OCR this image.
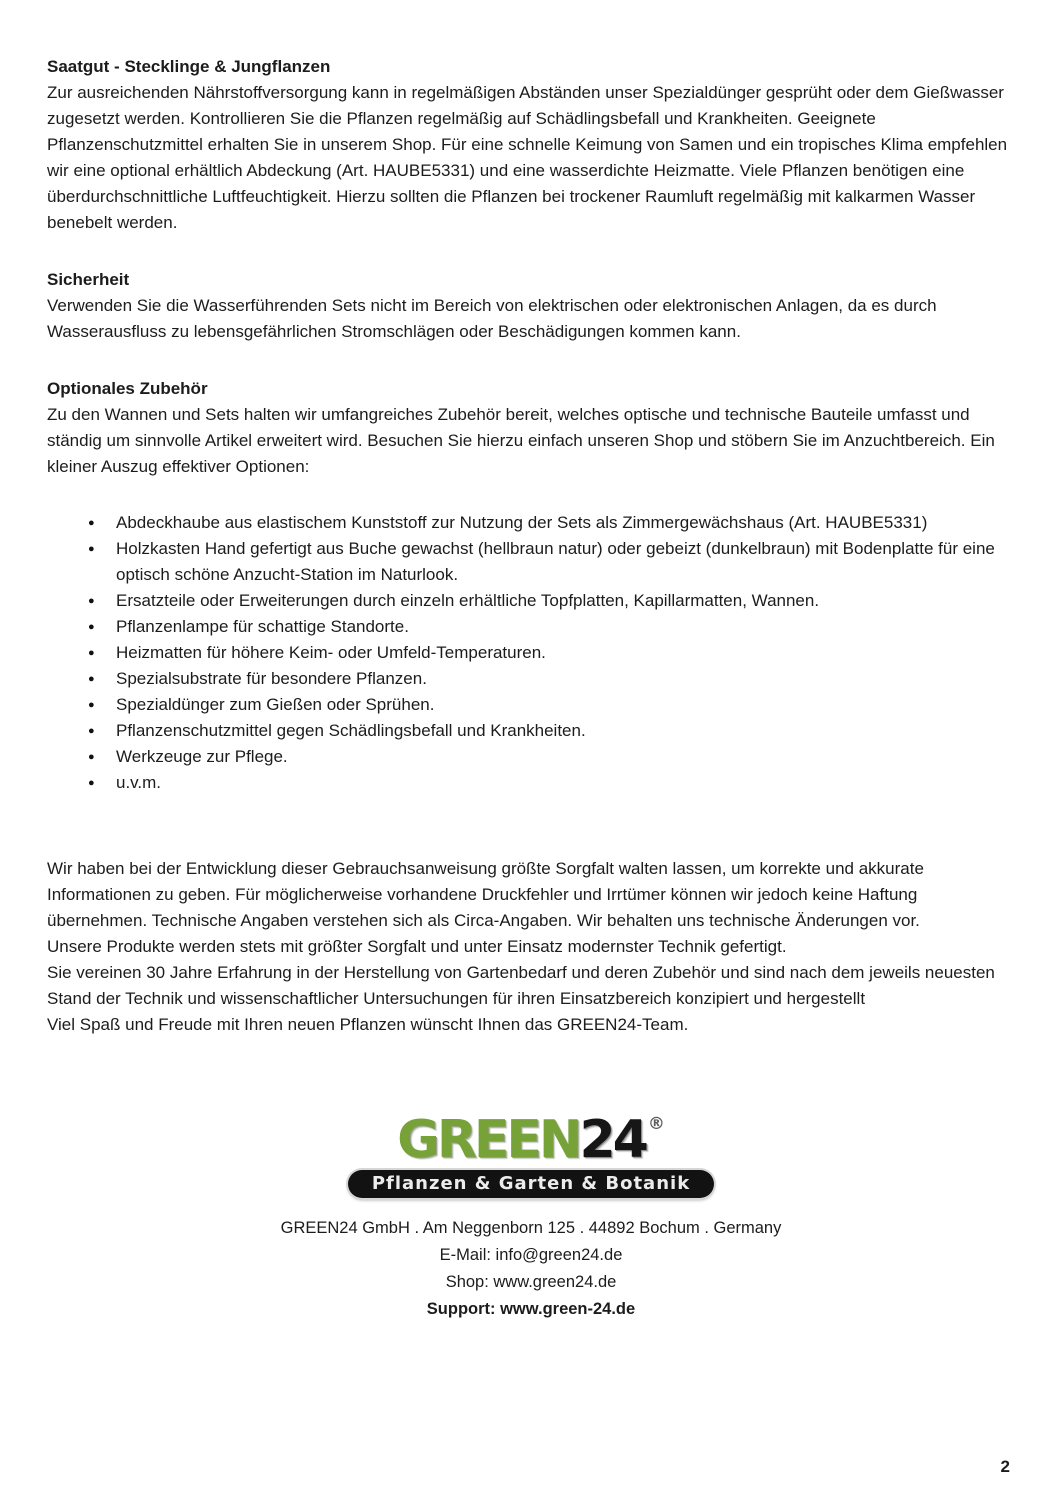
Saatgut - Stecklinge & Jungflanzen

Zur ausreichenden Nährstoffversorgung kann in regelmäßigen Abständen unser Spezialdünger gesprüht oder dem Gießwasser zugesetzt werden. Kontrollieren Sie die Pflanzen regelmäßig auf Schädlingsbefall und Krankheiten. Geeignete Pflanzenschutzmittel erhalten Sie in unserem Shop. Für eine schnelle Keimung von Samen und ein tropisches Klima empfehlen wir eine optional erhältlich Abdeckung (Art. HAUBE5331) und eine wasserdichte Heizmatte. Viele Pflanzen benötigen eine überdurchschnittliche Luftfeuchtigkeit. Hierzu sollten die Pflanzen bei trockener Raumluft regelmäßig mit kalkarmen Wasser benebelt werden.

Sicherheit

Verwenden Sie die Wasserführenden Sets nicht im Bereich von elektrischen oder elektronischen Anlagen, da es durch Wasserausfluss zu lebensgefährlichen Stromschlägen oder Beschädigungen kommen kann.

Optionales Zubehör

Zu den Wannen und Sets halten wir umfangreiches Zubehör bereit, welches optische und technische Bauteile umfasst und ständig um sinnvolle Artikel erweitert wird. Besuchen Sie hierzu einfach unseren Shop und stöbern Sie im Anzuchtbereich. Ein kleiner Auszug effektiver Optionen:

● Abdeckhaube aus elastischem Kunststoff zur Nutzung der Sets als Zimmergewächshaus (Art. HAUBE5331)
● Holzkasten Hand gefertigt aus Buche gewachst (hellbraun natur) oder gebeizt (dunkelbraun) mit Bodenplatte für eine optisch schöne Anzucht-Station im Naturlook.
● Ersatzteile oder Erweiterungen durch einzeln erhältliche Topfplatten, Kapillarmatten, Wannen.
● Pflanzenlampe für schattige Standorte.
● Heizmatten für höhere Keim- oder Umfeld-Temperaturen.
● Spezialsubstrate für besondere Pflanzen.
● Spezialdünger zum Gießen oder Sprühen.
● Pflanzenschutzmittel gegen Schädlingsbefall und Krankheiten.
● Werkzeuge zur Pflege.
● u.v.m.

Wir haben bei der Entwicklung dieser Gebrauchsanweisung größte Sorgfalt walten lassen, um korrekte und akkurate Informationen zu geben. Für möglicherweise vorhandene Druckfehler und Irrtümer können wir jedoch keine Haftung übernehmen. Technische Angaben verstehen sich als Circa-Angaben. Wir behalten uns technische Änderungen vor.

Unsere Produkte werden stets mit größter Sorgfalt und unter Einsatz modernster Technik gefertigt.

Sie vereinen 30 Jahre Erfahrung in der Herstellung von Gartenbedarf und deren Zubehör und sind nach dem jeweils neuesten Stand der Technik und wissenschaftlicher Untersuchungen für ihren Einsatzbereich konzipiert und hergestellt

Viel Spaß und Freude mit Ihren neuen Pflanzen wünscht Ihnen das GREEN24-Team.

GREEN24 ®
Pflanzen & Garten & Botanik
GREEN24 GmbH . Am Neggenborn 125 . 44892 Bochum . Germany
E-Mail: info@green24.de
Shop: www.green24.de
Support: www.green-24.de
2
